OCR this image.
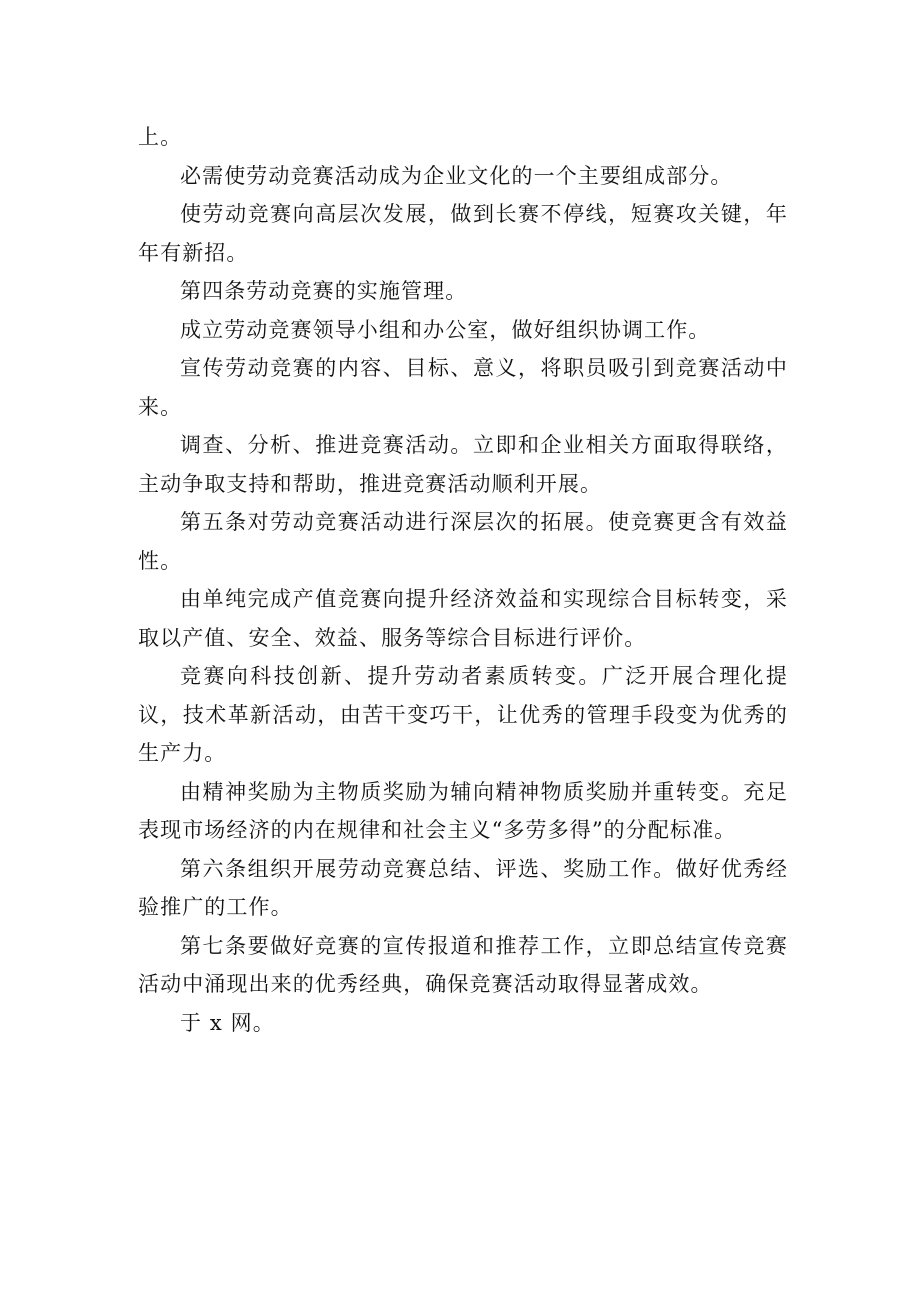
上。

必需使劳动竞赛活动成为企业文化的一个主要组成部分。

使劳动竞赛向高层次发展，做到长赛不停线，短赛攻关键，年年有新招。

第四条劳动竞赛的实施管理。

成立劳动竞赛领导小组和办公室，做好组织协调工作。

宣传劳动竞赛的内容、目标、意义，将职员吸引到竞赛活动中来。

调查、分析、推进竞赛活动。立即和企业相关方面取得联络，主动争取支持和帮助，推进竞赛活动顺利开展。

第五条对劳动竞赛活动进行深层次的拓展。使竞赛更含有效益性。

由单纯完成产值竞赛向提升经济效益和实现综合目标转变，采取以产值、安全、效益、服务等综合目标进行评价。

竞赛向科技创新、提升劳动者素质转变。广泛开展合理化提议，技术革新活动，由苦干变巧干，让优秀的管理手段变为优秀的生产力。

由精神奖励为主物质奖励为辅向精神物质奖励并重转变。充足表现市场经济的内在规律和社会主义“多劳多得”的分配标准。

第六条组织开展劳动竞赛总结、评选、奖励工作。做好优秀经验推广的工作。

第七条要做好竞赛的宣传报道和推荐工作，立即总结宣传竞赛活动中涌现出来的优秀经典，确保竞赛活动取得显著成效。

于 x 网。
